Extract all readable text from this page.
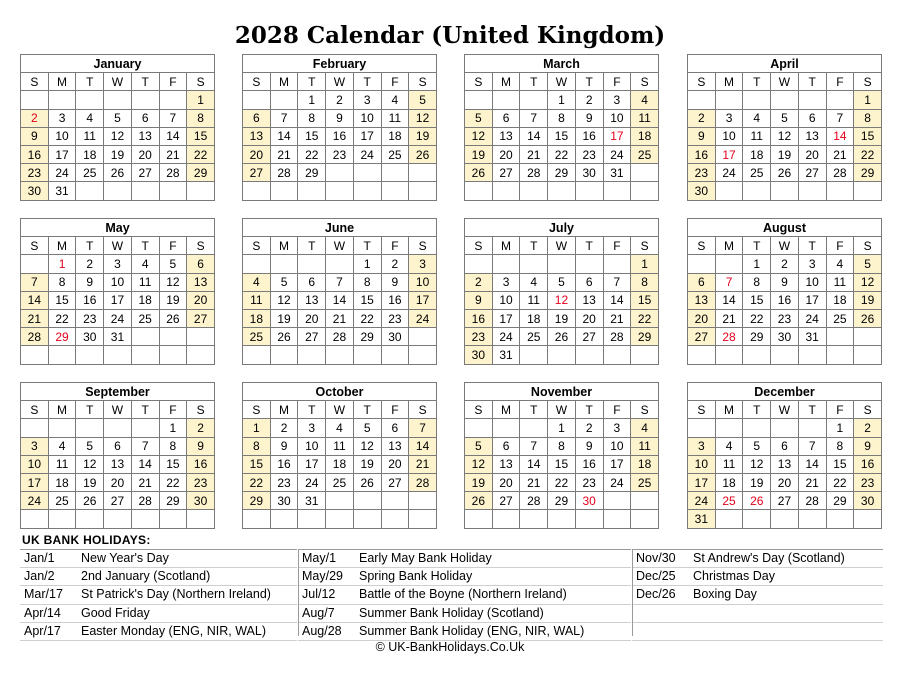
2028 Calendar (United Kingdom)
January						
S	M	T	W	T	F	S
						1
2	3	4	5	6	7	8
9	10	11	12	13	14	15
16	17	18	19	20	21	22
23	24	25	26	27	28	29
30	31					
February						
S	M	T	W	T	F	S
		1	2	3	4	5
6	7	8	9	10	11	12
13	14	15	16	17	18	19
20	21	22	23	24	25	26
27	28	29				

March						
S	M	T	W	T	F	S
			1	2	3	4
5	6	7	8	9	10	11
12	13	14	15	16	17	18
19	20	21	22	23	24	25
26	27	28	29	30	31	

April						
S	M	T	W	T	F	S
						1
2	3	4	5	6	7	8
9	10	11	12	13	14	15
16	17	18	19	20	21	22
23	24	25	26	27	28	29
30						
May						
S	M	T	W	T	F	S
	1	2	3	4	5	6
7	8	9	10	11	12	13
14	15	16	17	18	19	20
21	22	23	24	25	26	27
28	29	30	31			

June						
S	M	T	W	T	F	S
				1	2	3
4	5	6	7	8	9	10
11	12	13	14	15	16	17
18	19	20	21	22	23	24
25	26	27	28	29	30	

July						
S	M	T	W	T	F	S
						1
2	3	4	5	6	7	8
9	10	11	12	13	14	15
16	17	18	19	20	21	22
23	24	25	26	27	28	29
30	31					
August						
S	M	T	W	T	F	S
		1	2	3	4	5
6	7	8	9	10	11	12
13	14	15	16	17	18	19
20	21	22	23	24	25	26
27	28	29	30	31		

September						
S	M	T	W	T	F	S
					1	2
3	4	5	6	7	8	9
10	11	12	13	14	15	16
17	18	19	20	21	22	23
24	25	26	27	28	29	30

October						
S	M	T	W	T	F	S
1	2	3	4	5	6	7
8	9	10	11	12	13	14
15	16	17	18	19	20	21
22	23	24	25	26	27	28
29	30	31				

November						
S	M	T	W	T	F	S
			1	2	3	4
5	6	7	8	9	10	11
12	13	14	15	16	17	18
19	20	21	22	23	24	25
26	27	28	29	30		

December						
S	M	T	W	T	F	S
					1	2
3	4	5	6	7	8	9
10	11	12	13	14	15	16
17	18	19	20	21	22	23
24	25	26	27	28	29	30
31						
UK BANK HOLIDAYS:
Jan/1 New Year's Day
Jan/2 2nd January (Scotland)
Mar/17 St Patrick's Day (Northern Ireland)
Apr/14 Good Friday
Apr/17 Easter Monday (ENG, NIR, WAL)
May/1 Early May Bank Holiday
May/29 Spring Bank Holiday
Jul/12 Battle of the Boyne (Northern Ireland)
Aug/7 Summer Bank Holiday (Scotland)
Aug/28 Summer Bank Holiday (ENG, NIR, WAL)
Nov/30 St Andrew's Day (Scotland)
Dec/25 Christmas Day
Dec/26 Boxing Day
© UK-BankHolidays.Co.Uk
